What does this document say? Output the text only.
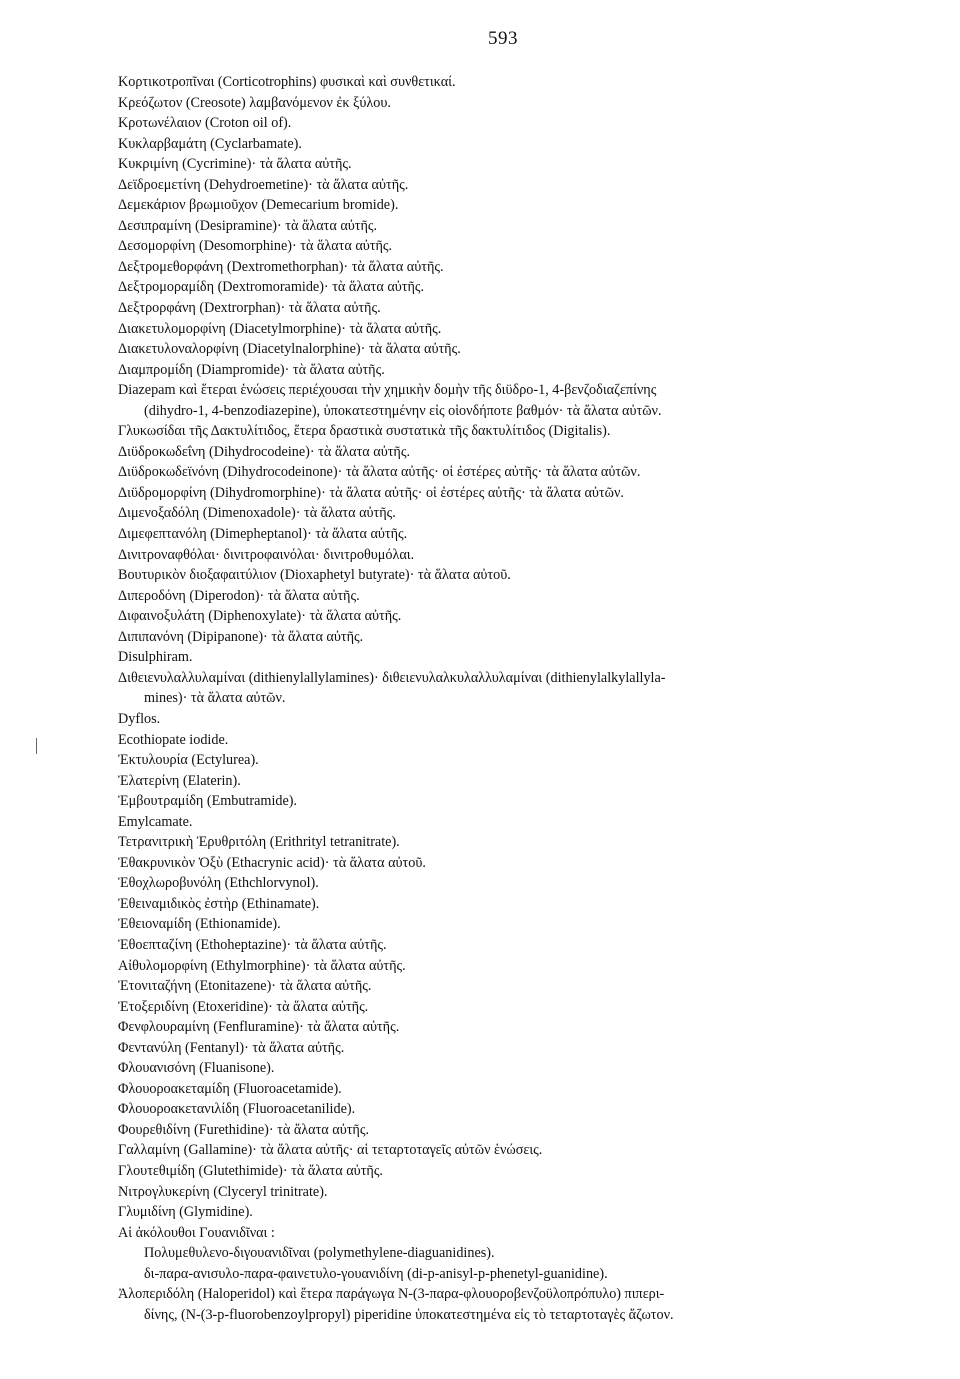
593
Κορτικοτροπῖναι (Corticotrophins) φυσικαὶ καὶ συνθετικαί.
Κρεόζωτον (Creosote) λαμβανόμενον ἐκ ξύλου.
Κροτωνέλαιον (Croton oil of).
Κυκλαρβαμάτη (Cyclarbamate).
Κυκριμίνη (Cycrimine)· τὰ ἅλατα αὐτῆς.
Δεϊδροεμετίνη (Dehydroemetine)· τὰ ἅλατα αὐτῆς.
Δεμεκάριον βρωμιοῦχον (Demecarium bromide).
Δεσιπραμίνη (Desipramine)· τὰ ἅλατα αὐτῆς.
Δεσομορφίνη (Desomorphine)· τὰ ἅλατα αὐτῆς.
Δεξτρομεθορφάνη (Dextromethorphan)· τὰ ἅλατα αὐτῆς.
Δεξτρομοραμίδη (Dextromoramide)· τὰ ἅλατα αὐτῆς.
Δεξτρορφάνη (Dextrorphan)· τὰ ἅλατα αὐτῆς.
Διακετυλομορφίνη (Diacetylmorphine)· τὰ ἅλατα αὐτῆς.
Διακετυλοναλορφίνη (Diacetylnalorphine)· τὰ ἅλατα αὐτῆς.
Διαμπρομίδη (Diampromide)· τὰ ἅλατα αὐτῆς.
Diazepam καὶ ἕτεραι ἑνώσεις περιέχουσαι τὴν χημικὴν δομὴν τῆς διϋδρο-1, 4-βενζοδιαζεπίνης
(dihydro-1, 4-benzodiazepine), ὑποκατεστημένην εἰς οἱονδήποτε βαθμόν· τὰ ἅλατα αὐτῶν.
Γλυκωσίδαι τῆς Δακτυλίτιδος, ἕτερα δραστικὰ συστατικὰ τῆς δακτυλίτιδος (Digitalis).
Διϋδροκωδεΐνη (Dihydrocodeine)· τὰ ἅλατα αὐτῆς.
Διϋδροκωδεϊνόνη (Dihydrocodeinone)· τὰ ἅλατα αὐτῆς· οἱ ἐστέρες αὐτῆς· τὰ ἅλατα αὐτῶν.
Διϋδρομορφίνη (Dihydromorphine)· τὰ ἅλατα αὐτῆς· οἱ ἐστέρες αὐτῆς· τὰ ἅλατα αὐτῶν.
Διμενοξαδόλη (Dimenoxadole)· τὰ ἅλατα αὐτῆς.
Διμεφεπτανόλη (Dimepheptanol)· τὰ ἅλατα αὐτῆς.
Δινιτροναφθόλαι· δινιτροφαινόλαι· δινιτροθυμόλαι.
Βουτυρικὸν διοξαφαιτύλιον (Dioxaphetyl butyrate)· τὰ ἅλατα αὐτοῦ.
Διπεροδόνη (Diperodon)· τὰ ἅλατα αὐτῆς.
Διφαινοξυλάτη (Diphenoxylate)· τὰ ἅλατα αὐτῆς.
Διπιπανόνη (Dipipanone)· τὰ ἅλατα αὐτῆς.
Disulphiram.
Διθειενυλαλλυλαμίναι (dithienylallylamines)· διθειενυλαλκυλαλλυλαμίναι (dithienylalkylallyla-
mines)· τὰ ἅλατα αὐτῶν.
Dyflos.
Ecothiopate iodide.
Ἐκτυλουρία (Ectylurea).
Ἐλατερίνη (Elaterin).
Ἐμβουτραμίδη (Embutramide).
Emylcamate.
Τετρανιτρικὴ Ἐρυθριτόλη (Erithrityl tetranitrate).
Ἐθακρυνικὸν Ὀξὺ (Ethacrynic acid)· τὰ ἅλατα αὐτοῦ.
Ἐθοχλωροβυνόλη (Ethchlorvynol).
Ἐθειναμιδικὸς ἐστὴρ (Ethinamate).
Ἐθειοναμίδη (Ethionamide).
Ἐθοεπταζίνη (Ethoheptazine)· τὰ ἅλατα αὐτῆς.
Αἰθυλομορφίνη (Ethylmorphine)· τὰ ἅλατα αὐτῆς.
Ἐτονιταζήνη (Etonitazene)· τὰ ἅλατα αὐτῆς.
Ἐτοξεριδίνη (Etoxeridine)· τὰ ἅλατα αὐτῆς.
Φενφλουραμίνη (Fenfluramine)· τὰ ἅλατα αὐτῆς.
Φεντανύλη (Fentanyl)· τὰ ἅλατα αὐτῆς.
Φλουανισόνη (Fluanisone).
Φλουοροακεταμίδη (Fluoroacetamide).
Φλουοροακετανιλίδη (Fluoroacetanilide).
Φουρεθιδίνη (Furethidine)· τὰ ἅλατα αὐτῆς.
Γαλλαμίνη (Gallamine)· τὰ ἅλατα αὐτῆς· αἱ τεταρτοταγεῖς αὐτῶν ἑνώσεις.
Γλουτεθιμίδη (Glutethimide)· τὰ ἅλατα αὐτῆς.
Νιτρογλυκερίνη (Clyceryl trinitrate).
Γλυμιδίνη (Glymidine).
Αἱ ἀκόλουθοι Γουανιδῖναι :
Πολυμεθυλενο-διγουανιδῖναι (polymethylene-diaguanidines).
δι-παρα-ανισυλο-παρα-φαινετυλο-γουανιδίνη (di-p-anisyl-p-phenetyl-guanidine).
Ἀλοπεριδόλη (Haloperidol) καὶ ἕτερα παράγωγα N-(3-παρα-φλουοροβενζοϋλοπρόπυλο) πιπερι-
δίνης, (N-(3-p-fluorobenzoylpropyl) piperidine ὑποκατεστημένα εἰς τὸ τεταρτοταγὲς ἄζωτον.
